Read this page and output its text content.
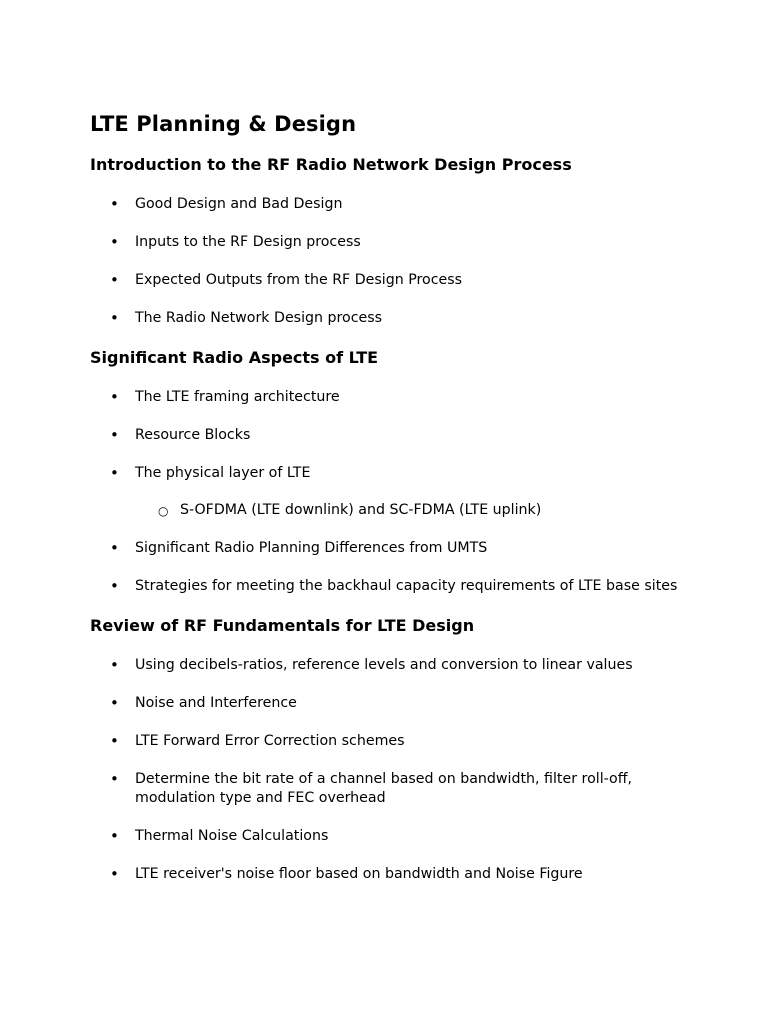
LTE Planning & Design
Introduction to the RF Radio Network Design Process
• Good Design and Bad Design
• Inputs to the RF Design process
• Expected Outputs from the RF Design Process
• The Radio Network Design process
Significant Radio Aspects of LTE
• The LTE framing architecture
• Resource Blocks
• The physical layer of LTE
○ S-OFDMA (LTE downlink) and SC-FDMA (LTE uplink)
• Significant Radio Planning Differences from UMTS
• Strategies for meeting the backhaul capacity requirements of LTE base sites
Review of RF Fundamentals for LTE Design
• Using decibels-ratios, reference levels and conversion to linear values
• Noise and Interference
• LTE Forward Error Correction schemes
• Determine the bit rate of a channel based on bandwidth, filter roll-off, modulation type and FEC overhead
• Thermal Noise Calculations
• LTE receiver's noise floor based on bandwidth and Noise Figure
